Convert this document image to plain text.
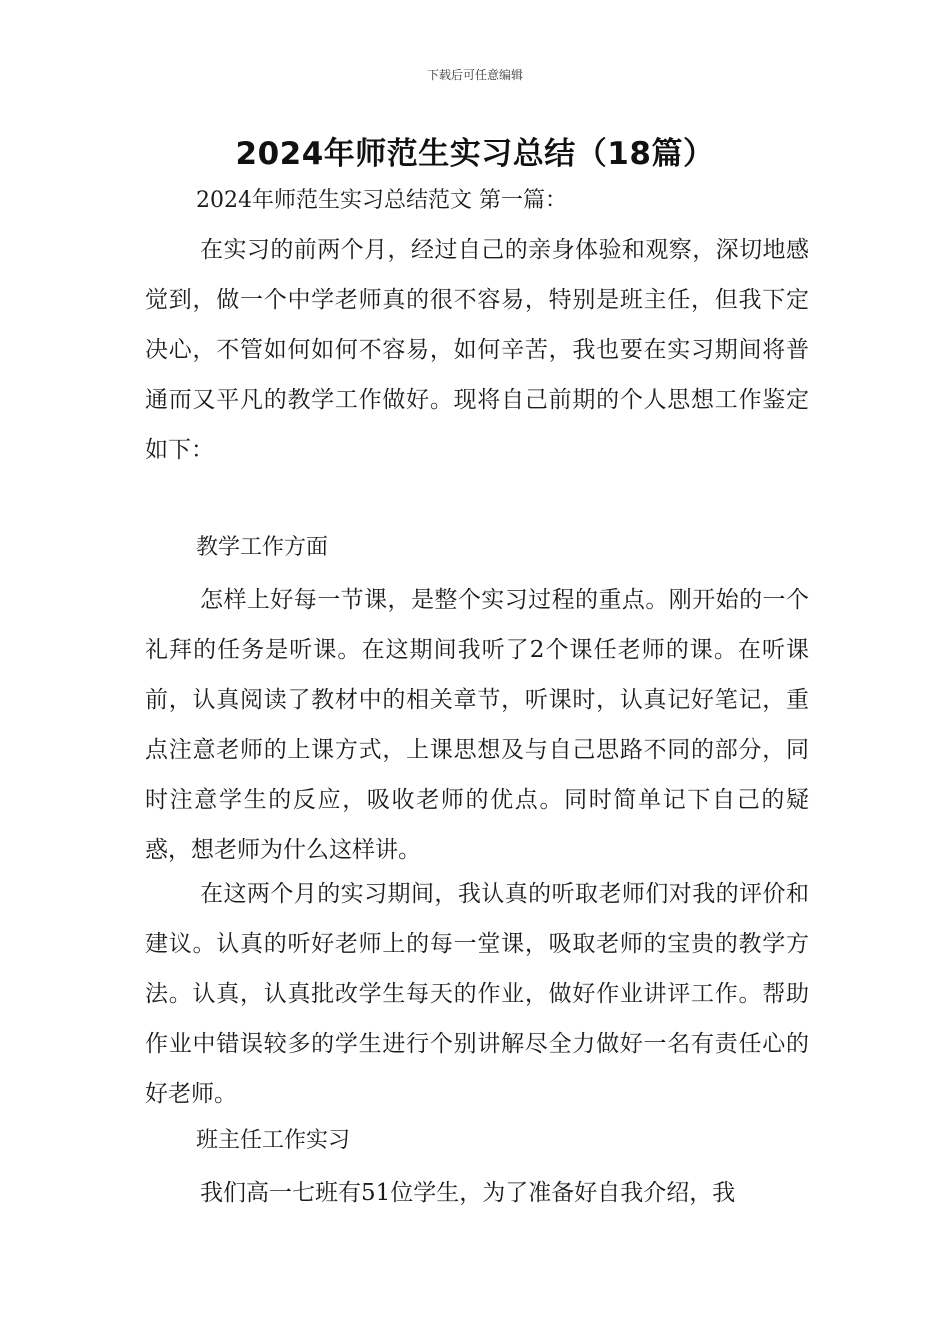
下载后可任意编辑
2024年师范生实习总结（18篇）
2024年师范生实习总结范文 第一篇：

在实习的前两个月，经过自己的亲身体验和观察，深切地感觉到，做一个中学老师真的很不容易，特别是班主任，但我下定决心，不管如何如何不容易，如何辛苦，我也要在实习期间将普通而又平凡的教学工作做好。现将自己前期的个人思想工作鉴定如下：

教学工作方面

怎样上好每一节课，是整个实习过程的重点。刚开始的一个礼拜的任务是听课。在这期间我听了2个课任老师的课。在听课前，认真阅读了教材中的相关章节，听课时，认真记好笔记，重点注意老师的上课方式，上课思想及与自己思路不同的部分，同时注意学生的反应，吸收老师的优点。同时简单记下自己的疑惑，想老师为什么这样讲。

在这两个月的实习期间，我认真的听取老师们对我的评价和建议。认真的听好老师上的每一堂课，吸取老师的宝贵的教学方法。认真，认真批改学生每天的作业，做好作业讲评工作。帮助作业中错误较多的学生进行个别讲解尽全力做好一名有责任心的好老师。

班主任工作实习

我们高一七班有51位学生，为了准备好自我介绍，我
